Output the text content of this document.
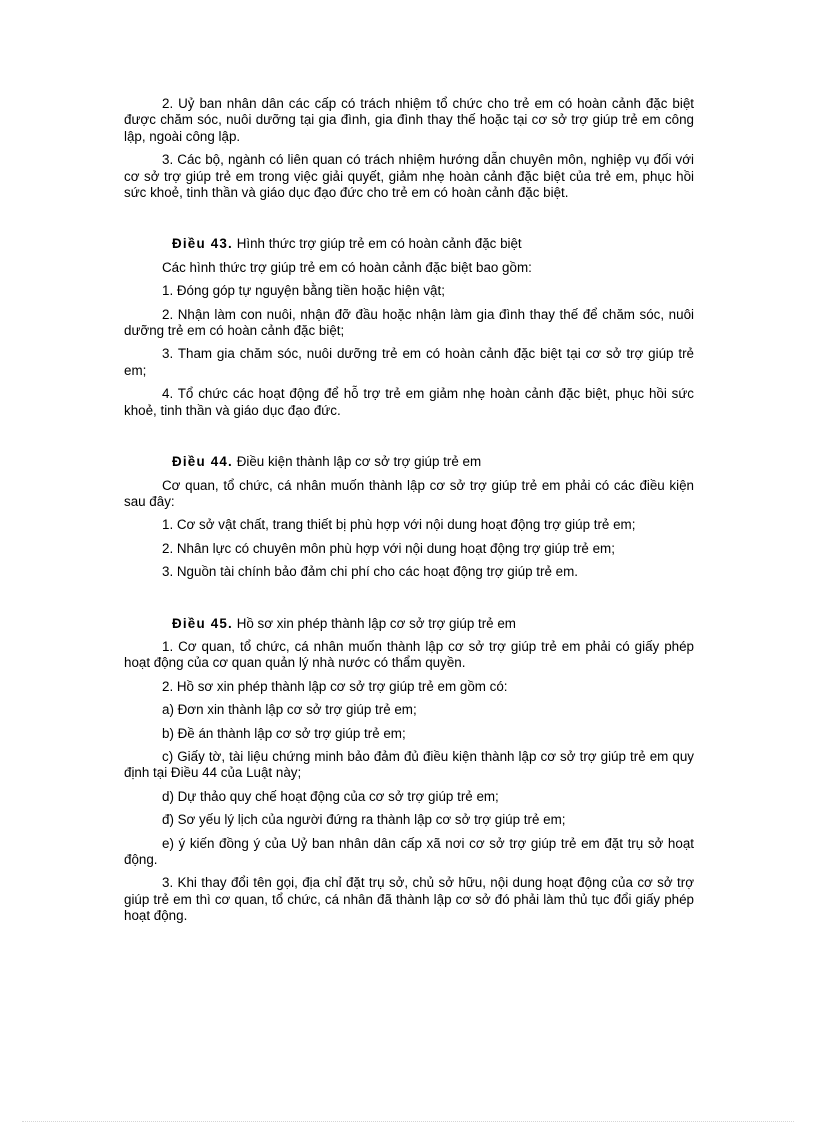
2. Uỷ ban nhân dân các cấp có trách nhiệm tổ chức cho trẻ em có hoàn cảnh đặc biệt được chăm sóc, nuôi dưỡng tại gia đình, gia đình thay thế hoặc tại cơ sở trợ giúp trẻ em công lập, ngoài công lập.

3. Các bộ, ngành có liên quan có trách nhiệm hướng dẫn chuyên môn, nghiệp vụ đối với cơ sở trợ giúp trẻ em trong việc giải quyết, giảm nhẹ hoàn cảnh đặc biệt của trẻ em, phục hồi sức khoẻ, tinh thần và giáo dục đạo đức cho trẻ em có hoàn cảnh đặc biệt.

Điều 43. Hình thức trợ giúp trẻ em có hoàn cảnh đặc biệt

Các hình thức trợ giúp trẻ em có hoàn cảnh đặc biệt bao gồm:

1. Đóng góp tự nguyện bằng tiền hoặc hiện vật;

2. Nhận làm con nuôi, nhận đỡ đầu hoặc nhận làm gia đình thay thế để chăm sóc, nuôi dưỡng trẻ em có hoàn cảnh đặc biệt;

3. Tham gia chăm sóc, nuôi dưỡng trẻ em có hoàn cảnh đặc biệt tại cơ sở trợ giúp trẻ em;

4. Tổ chức các hoạt động để hỗ trợ trẻ em giảm nhẹ hoàn cảnh đặc biệt, phục hồi sức khoẻ, tinh thần và giáo dục đạo đức.

Điều 44. Điều kiện thành lập cơ sở trợ giúp trẻ em

Cơ quan, tổ chức, cá nhân muốn thành lập cơ sở trợ giúp trẻ em phải có các điều kiện sau đây:

1. Cơ sở vật chất, trang thiết bị phù hợp với nội dung hoạt động trợ giúp trẻ em;

2. Nhân lực có chuyên môn phù hợp với nội dung hoạt động trợ giúp trẻ em;

3. Nguồn tài chính bảo đảm chi phí cho các hoạt động trợ giúp trẻ em.

Điều 45. Hồ sơ xin phép thành lập cơ sở trợ giúp trẻ em

1. Cơ quan, tổ chức, cá nhân muốn thành lập cơ sở trợ giúp trẻ em phải có giấy phép hoạt động của cơ quan quản lý nhà nước có thẩm quyền.

2. Hồ sơ xin phép thành lập cơ sở trợ giúp trẻ em gồm có:

a) Đơn xin thành lập cơ sở trợ giúp trẻ em;

b) Đề án thành lập cơ sở trợ giúp trẻ em;

c) Giấy tờ, tài liệu chứng minh bảo đảm đủ điều kiện thành lập cơ sở trợ giúp trẻ em quy định tại Điều 44 của Luật này;

d) Dự thảo quy chế hoạt động của cơ sở trợ giúp trẻ em;

đ) Sơ yếu lý lịch của người đứng ra thành lập cơ sở trợ giúp trẻ em;

e) ý kiến đồng ý của Uỷ ban nhân dân cấp xã nơi cơ sở trợ giúp trẻ em đặt trụ sở hoạt động.

3. Khi thay đổi tên gọi, địa chỉ đặt trụ sở, chủ sở hữu, nội dung hoạt động của cơ sở trợ giúp trẻ em thì cơ quan, tổ chức, cá nhân đã thành lập cơ sở đó phải làm thủ tục đổi giấy phép hoạt động.
